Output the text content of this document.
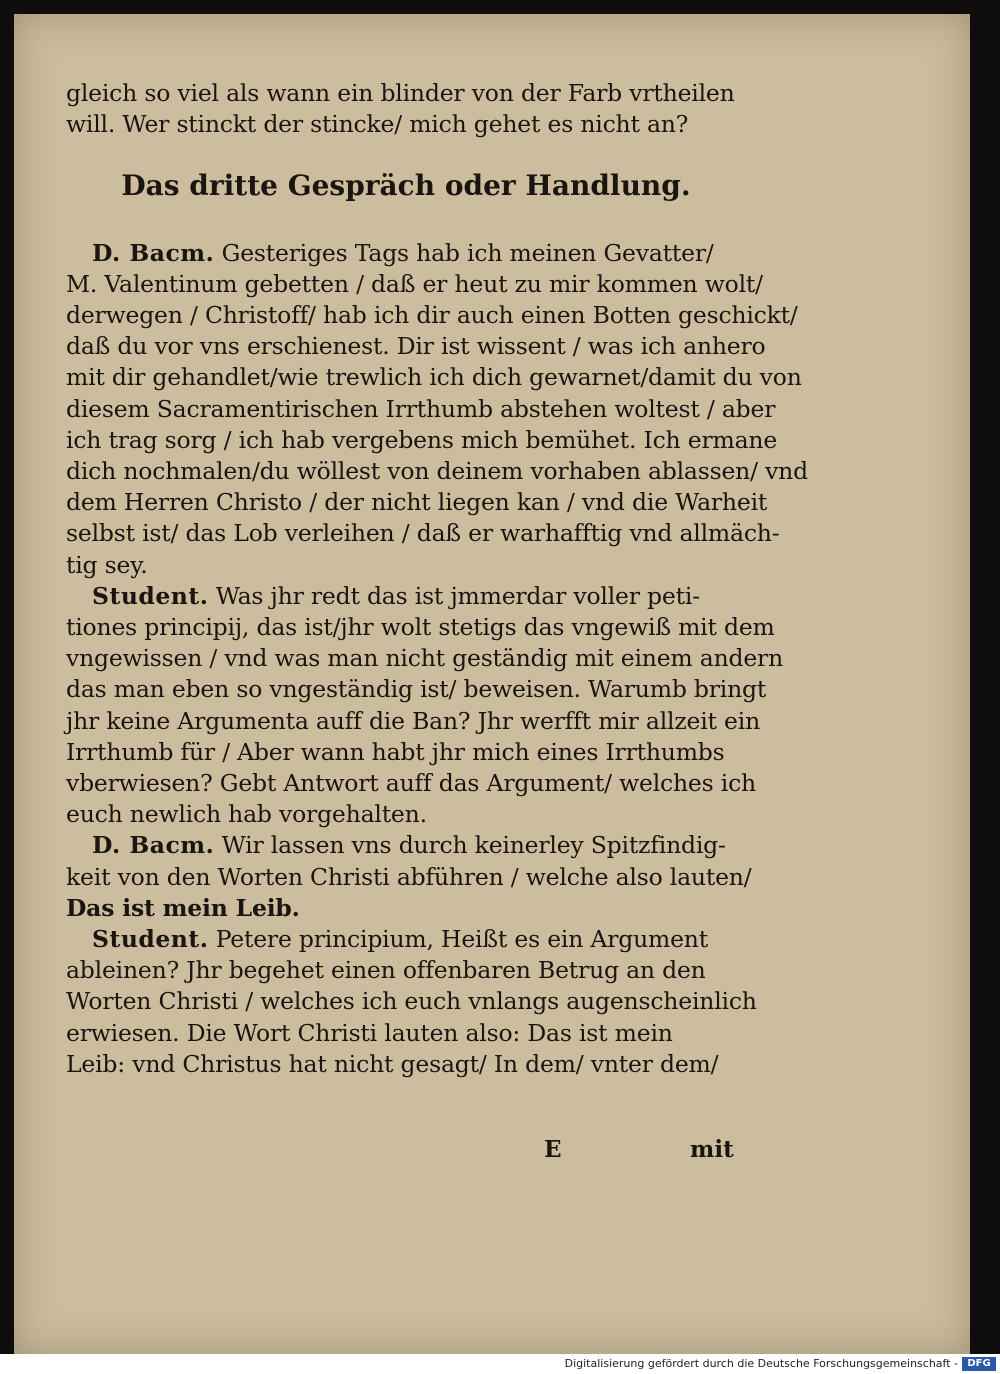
gleich so viel als wann ein blinder von der Farb vrtheilen
will. Wer stinckt der stincke/ mich gehet es nicht an?
Das dritte Gespräch oder Handlung.
D. Bacm. Gesteriges Tags hab ich meinen Gevatter/
M. Valentinum gebetten / daß er heut zu mir kommen wolt/
derwegen / Christoff/ hab ich dir auch einen Botten geschickt/
daß du vor vns erschienest. Dir ist wissent / was ich anhero
mit dir gehandlet/wie trewlich ich dich gewarnet/damit du von
diesem Sacramentirischen Irrthumb abstehen woltest / aber
ich trag sorg / ich hab vergebens mich bemühet. Ich ermane
dich nochmalen/du wöllest von deinem vorhaben ablassen/ vnd
dem Herren Christo / der nicht liegen kan / vnd die Warheit
selbst ist/ das Lob verleihen / daß er warhafftig vnd allmäch-
tig sey.
Student. Was jhr redt das ist jmmerdar voller peti-
tiones principij, das ist/jhr wolt stetigs das vngewiß mit dem
vngewissen / vnd was man nicht geständig mit einem andern
das man eben so vngeständig ist/ beweisen. Warumb bringt
jhr keine Argumenta auff die Ban? Jhr werfft mir allzeit ein
Irrthumb für / Aber wann habt jhr mich eines Irrthumbs
vberwiesen? Gebt Antwort auff das Argument/ welches ich
euch newlich hab vorgehalten.
D. Bacm. Wir lassen vns durch keinerley Spitzfindig-
keit von den Worten Christi abführen / welche also lauten/
Das ist mein Leib.
Student. Petere principium, Heißt es ein Argument
ableinen? Jhr begehet einen offenbaren Betrug an den
Worten Christi / welches ich euch vnlangs augenscheinlich
erwiesen. Die Wort Christi lauten also: Das ist mein
Leib: vnd Christus hat nicht gesagt/ In dem/ vnter dem/
E	mit
Digitalisierung gefördert durch die Deutsche Forschungsgemeinschaft - DFG
